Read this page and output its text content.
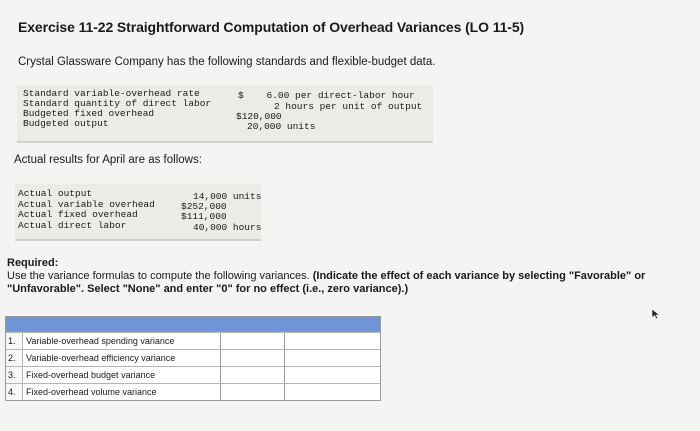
Exercise 11-22 Straightforward Computation of Overhead Variances (LO 11-5)
Crystal Glassware Company has the following standards and flexible-budget data.
Standard variable-overhead rate	$    6.00 per direct-labor hour
Standard quantity of direct labor	2 hours per unit of output
Budgeted fixed overhead	$120,000
Budgeted output	20,000 units
Actual results for April are as follows:
Actual output	14,000 units
Actual variable overhead	$252,000
Actual fixed overhead	$111,000
Actual direct labor	40,000 hours
Required:
Use the variance formulas to compute the following variances. (Indicate the effect of each variance by selecting "Favorable" or "Unfavorable". Select "None" and enter "0" for no effect (i.e., zero variance).)
1.	Variable-overhead spending variance
2.	Variable-overhead efficiency variance
3.	Fixed-overhead budget variance
4.	Fixed-overhead volume variance
